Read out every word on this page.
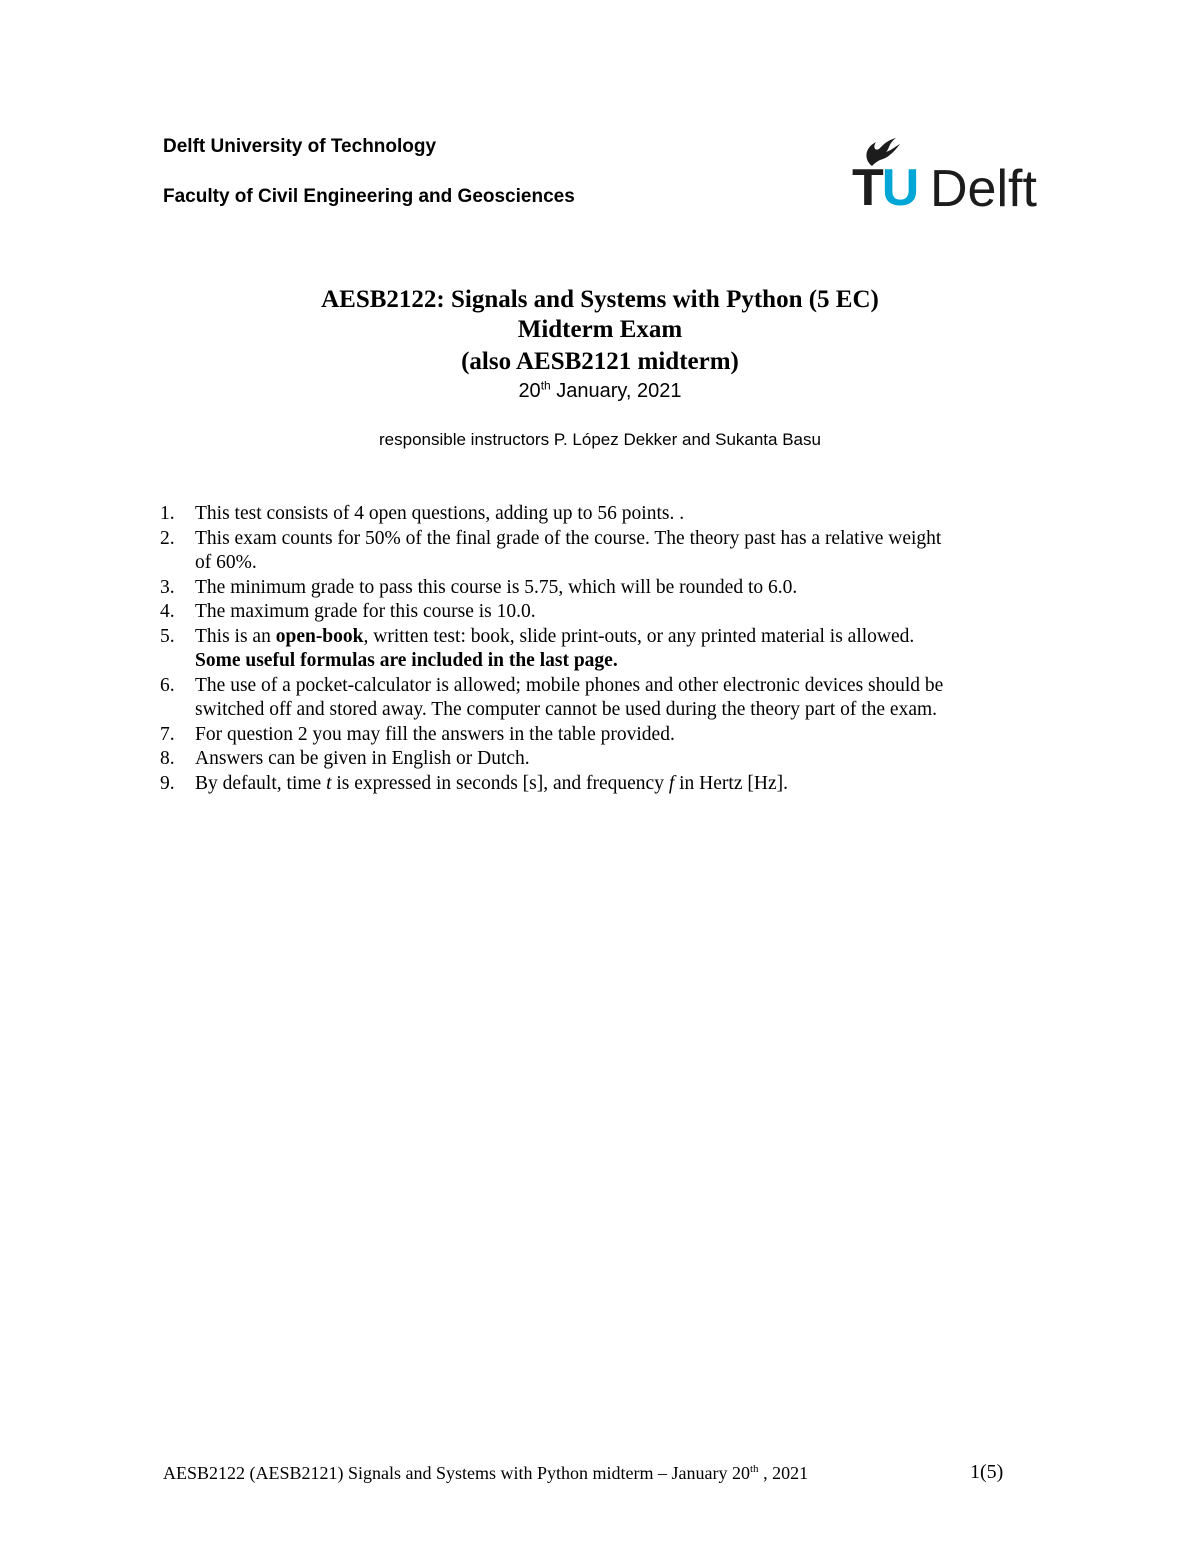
Delft University of Technology
Faculty of Civil Engineering and Geosciences	TU Delft
AESB2122: Signals and Systems with Python (5 EC)
Midterm Exam
(also AESB2121 midterm)
20th January, 2021
responsible instructors P. López Dekker and Sukanta Basu
1. This test consists of 4 open questions, adding up to 56 points. .
2. This exam counts for 50% of the final grade of the course. The theory past has a relative weight
of 60%.
3. The minimum grade to pass this course is 5.75, which will be rounded to 6.0.
4. The maximum grade for this course is 10.0.
5. This is an open-book, written test: book, slide print-outs, or any printed material is allowed.
Some useful formulas are included in the last page.
6. The use of a pocket-calculator is allowed; mobile phones and other electronic devices should be
switched off and stored away. The computer cannot be used during the theory part of the exam.
7. For question 2 you may fill the answers in the table provided.
8. Answers can be given in English or Dutch.
9. By default, time t is expressed in seconds [s], and frequency f in Hertz [Hz].
AESB2122 (AESB2121) Signals and Systems with Python midterm – January 20th , 2021	1(5)
